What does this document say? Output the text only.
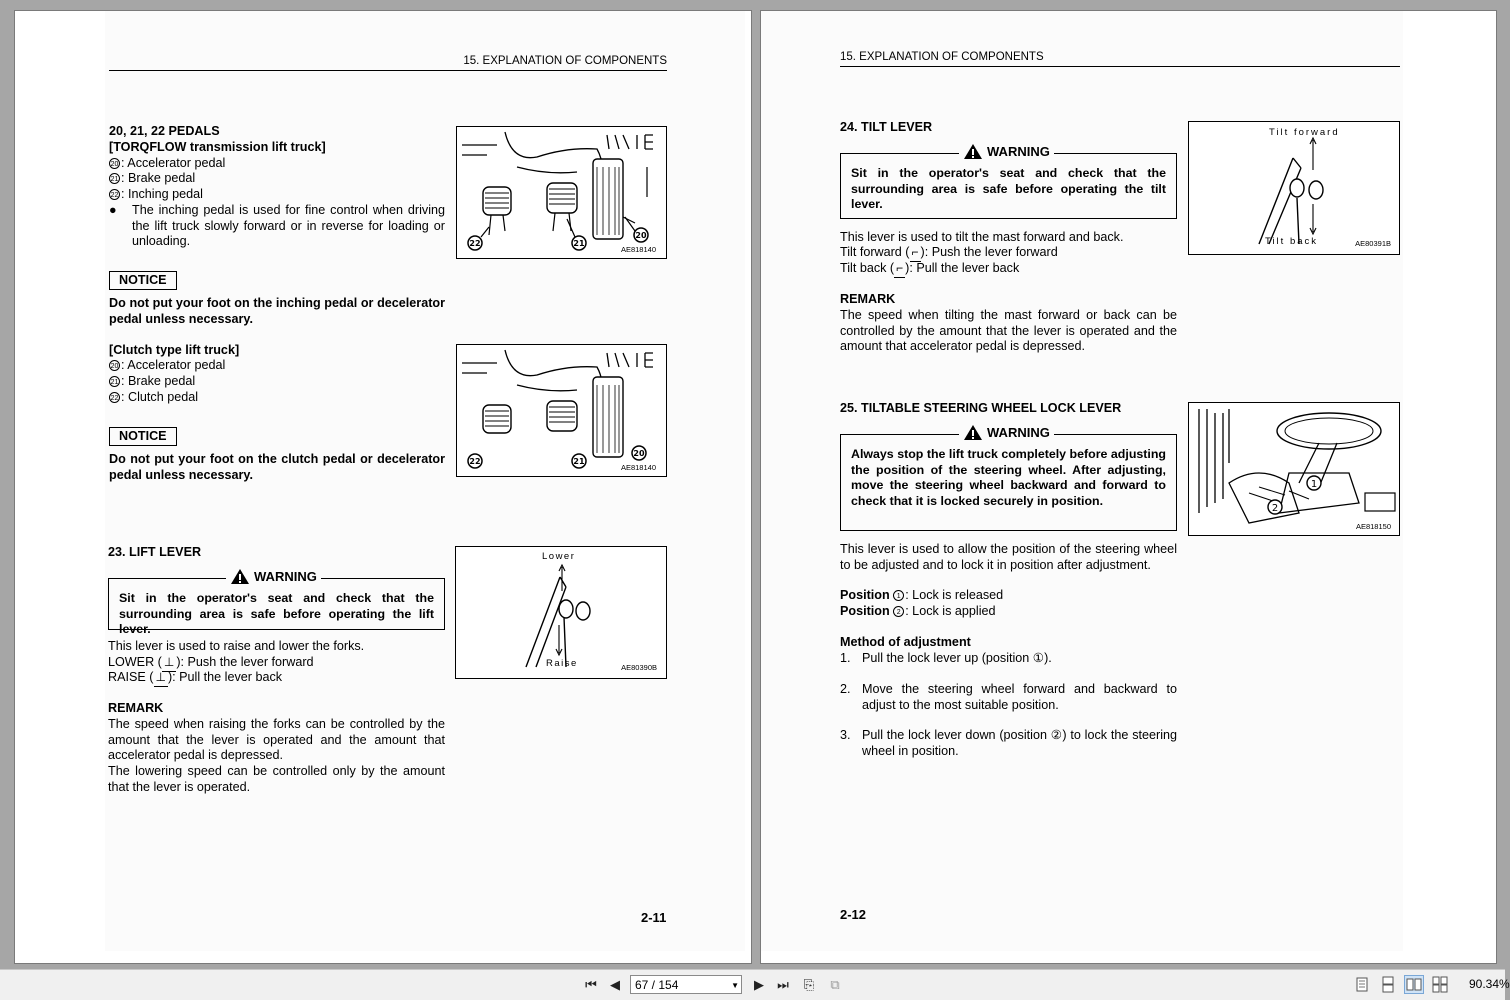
15. EXPLANATION OF COMPONENTS
20, 21, 22 PEDALS
[TORQFLOW transmission lift truck]
20 : Accelerator pedal
21 : Brake pedal
22 : Inching pedal
● The inching pedal is used for fine control when driving the lift truck slowly forward or in reverse for loading or unloading.	20
22	21
AE818140
NOTICE
Do not put your foot on the inching pedal or decelerator pedal unless necessary.
[Clutch type lift truck]
20 : Accelerator pedal
21 : Brake pedal
22 : Clutch pedal
20
22	21
AE818140
NOTICE
Do not put your foot on the clutch pedal or decelerator pedal unless necessary.
23. LIFT LEVER
WARNING
Sit in the operator's seat and check that the surrounding area is safe before operating the lift lever.
This lever is used to raise and lower the forks.
LOWER ( ⊥ ): Push the lever forward
RAISE ( ⊥ ): Pull the lever back
REMARK
The speed when raising the forks can be controlled by the amount that the lever is operated and the amount that accelerator pedal is depressed.
The lowering speed can be controlled only by the amount that the lever is operated.
Lower
Raise	AE80390B
2-11
15. EXPLANATION OF COMPONENTS
24. TILT LEVER
WARNING
Sit in the operator's seat and check that the surrounding area is safe before operating the tilt lever.
This lever is used to tilt the mast forward and back.
Tilt forward ( ⌐ ): Push the lever forward
Tilt back ( ⌐ ): Pull the lever back
REMARK
The speed when tilting the mast forward or back can be controlled by the amount that the lever is operated and the amount that accelerator pedal is depressed.
Tilt forward
Tilt back	AE80391B
25. TILTABLE STEERING WHEEL LOCK LEVER
WARNING
Always stop the lift truck completely before adjusting the position of the steering wheel. After adjusting, move the steering wheel backward and forward to check that it is locked securely in position.
This lever is used to allow the position of the steering wheel to be adjusted and to lock it in position after adjustment.
Position 1 : Lock is released
Position 2 : Lock is applied
Method of adjustment
1. Pull the lock lever up (position ①).
2. Move the steering wheel forward and backward to adjust to the most suitable position.
3. Pull the lock lever down (position ②) to lock the steering wheel in position.
1
2
AE818150
2-12
⏮	◀	67 / 154	▼	▶	⏭ ⎘	⧉	90.34%
